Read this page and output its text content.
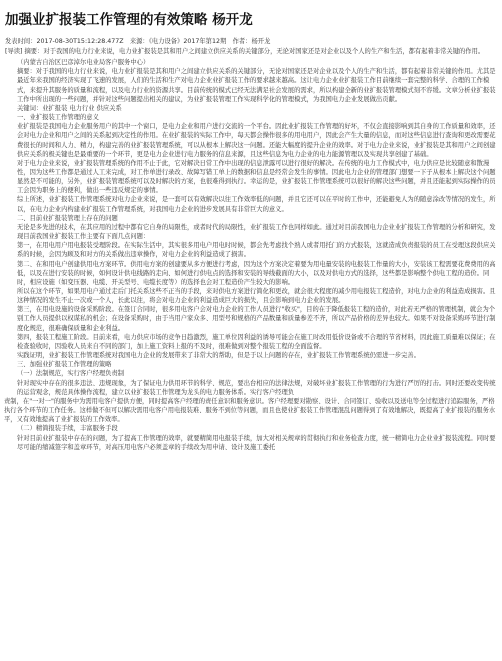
加强业扩报装工作管理的有效策略 杨开龙
发表时间：2017-08-30T15:12:28.477Z　来源：《电力设备》2017年第12期　作者：杨开龙
[导读] 摘要：对于我国的电力行业来说，电力业扩报装是其和用户之间建立供应关系的关键部分，无论对国家还是对企业以及个人的生产和生活，都有起着非常关键的作用。

（内蒙古自治区巴彦淖尔电业局客户服务中心）

摘要：对于我国的电力行业来说，电力业扩报装是其和用户之间建立供应关系的关键部分，无论对国家还是对企业以及个人的生产和生活，都有起着非常关键的作用。尤其是最近年来我国的经济实现了飞速的发展，人们的生活和生产对电力企业业扩报装工作的要求越来越高。这让电力企业业扩报装工作目前继续一套完整的科学、合理的工作模式，来提升其服务的质量和流程，以及电力行业的资源共享。目前传统的模式已经无法满足社会发展的需求，所以构建全新的业扩报装管理模式刻不容缓。文章分析业扩报装工作中所出现的一些问题，并针对这些问题提出相关的建议，为业扩报装管理工作实现科学化的管理模式，为我国电力企业发展做出贡献。

关键词：业扩报装 电力行业 供应关系

一、业扩报装工作管理的意义

业扩报装是我国电力企业服务用户的其中一个窗口，是电力企业和用户进行交流的一个平台。因此业扩报装工作管理的好坏，不仅会直接影响到其自身的工作质量和效率，还会对电力企业和用户之间的关系起到决定性的作用。在业扩报装的实际工作中，每天都会操作很多的用电用户，因此会产生大量的信息，而对这些信息进行查询和更改需要花费很长的时间和人力、精力，构建完善的业扩报装管理系统，可以从根本上解决这一问题。还能大幅度的提升企业的效率。对于电力企业来说，业扩报装是其和用户之间创建供应关系的极关键也是最重要的一个环节，更是电力企业进行电力服务的信息来源，且这些信息为电力企业的电力能源管理以及实现共享创建了基础。

对于电力企业来说，业扩报装管理系统的作用不止于此，它对解决日常工作中出现的信息泄露可以进行很好的解决。在传统的电力工作模式中，电力供应是比较随意和散漫性，因为这些工作都是通过人工来完成，对工作单进行录改、故障写错工单上的数据和信息是经常会发生的事情。因此电力企业的管理部门想要一下子从根本上解决这个问题显然是不可能的，另外，业扩报装管理系统可以及时解决的方案，也很难得到执行。幸运的是，业扩报装工作管理系统可以很好的解决这些问题，并且还能起到实际操作的员工会因为职务上的便利，做出一些违反规定的事情。

综上所述，业扩报装工作管理系统对电力企业来说，是一套可以有效解决以往工作效率低的问题，并且它还可以在平时的工作中，还能避免人为的随意涂改等情况的发生，所以，在电力企业内构建业扩报装工作管理系统，对我国电力企业的进步发展具有非常巨大的意义。

二、目前业扩报装管理上存在的问题

无论是多先进的技术，在其应用的过程中都有它自身的局限性，或者时代的局限性，业扩报装工作也同样如此。通过对目前我国电力企业业扩报装工作管理的分析和研究，发现目前我国业扩报装工作主要有下面几点问题：

第一，在用电用户用电报装受理阶段。在实际生活中，其实很多用电户用电时时候，都会先考虑找个熟人或者用托门的方式报装，这就造成负责报装的员工在受理这段供应关系的时候，会因为顾及和对方的关系做出违章操作，对电力企业的利益造成了损害。

第二、在和用电户创建供用电方案环节。供用电方案的创建要从多方便进行考虑，因为这个方案决定着要为用电量安装的电报装工作量的大小，安装该工程需要花费费用的高低，以及在进行安装的时候，如何设计供电线路的走向、如何进行供电点的选择和安装的导线截面的大小，以及对供电方式的选择，这些都是影响整个供电工程的造价。同时，相应设施（如变压器、电缆、开关型号、电缆长度等）的选择也会对工程造价产生较大的影响。

所以在这个环节，如果用电户通过走后门托关系这些不正当的手段，来对供电方案进行简化和更改，就会很大程度的减少用电报装工程造价，对电力企业的利益造成损害。且这种情况的发生不止一次或一个人，长此以往，将会对电力企业的利益造成巨大的损失，且会影响到电力企业的发展。

第三，在用电设施的设备采购阶段。在签订合同时，很多用电客户会对电力企业的工作人员进行"收买"，目的在于降低报装工程的造价，对此若无严格的管理机制，就会为个别工作人员提供以权谋私的机会；在设备采购时，由于当用户家众多、用型号和规格的产品数量和质量参差不齐，所以产品价格的差异也较大。如果不对设备采购环节进行制度化规范，很难确保质量和企业利益。

第四，报装工程施工阶段。目前来看，电力供应市场的竞争日趋激烈，施工单位因利益的诱导可能会在施工时改用低价设备或不合理的节省材料，因此施工质量难以保证；在检查验收时，因验收人员来自不同的部门，加上施工资料上报的不及时，很难做到对整个报装工程的全面监督。

实践证明，业扩报装工作管理系统对我国电力企业的发展带来了非常大的帮助，但是于以上问题的存在，业扩报装工作管理系统仍需进一步完善。

三、加强业扩报装工作管理的策略

（一）法制规范，实行客户经理负责制

针对现实中存在的很多违法、违规现象，为了保证电力供用环节的科学、规范，要出台相应的法律法规，对破坏业扩报装工作管理的行为进行严厉的打击。同时还要改变传统的运营观念，规范具体操作流程，建立以业扩报装工作管理为龙头的电力服务体系。实行客户经理负

责制，在"一对一"的服务中为需用电客户提供方便，同时提高客户经理的责任意识和服务意识。客户经理要对勘察、设计、合同签订、验收以及送电等全过程进行追踪服务，严格执行各个环节的工作任务。这样做不但可以解决需用电客户用电报装难、服务不到位等问题，而且也使业扩报装工作管理混乱问题得到了有效地解决，既提高了业扩报装的服务水平，又有效地提高了业扩报装的工作效率。

（二）精简报装手续，丰富服务手段

针对目前业扩报装中存在的问题，为了提高工作管理的效率，就要精简用电报装手续，加大对相关规章的贯彻执行和业务检查力度，统一精简电力企业业扩报装流程。同时要尽可能的缩减签字和盖章环节，对高压用电客户必须盖章的手续改为用申请、设计及施工委托
